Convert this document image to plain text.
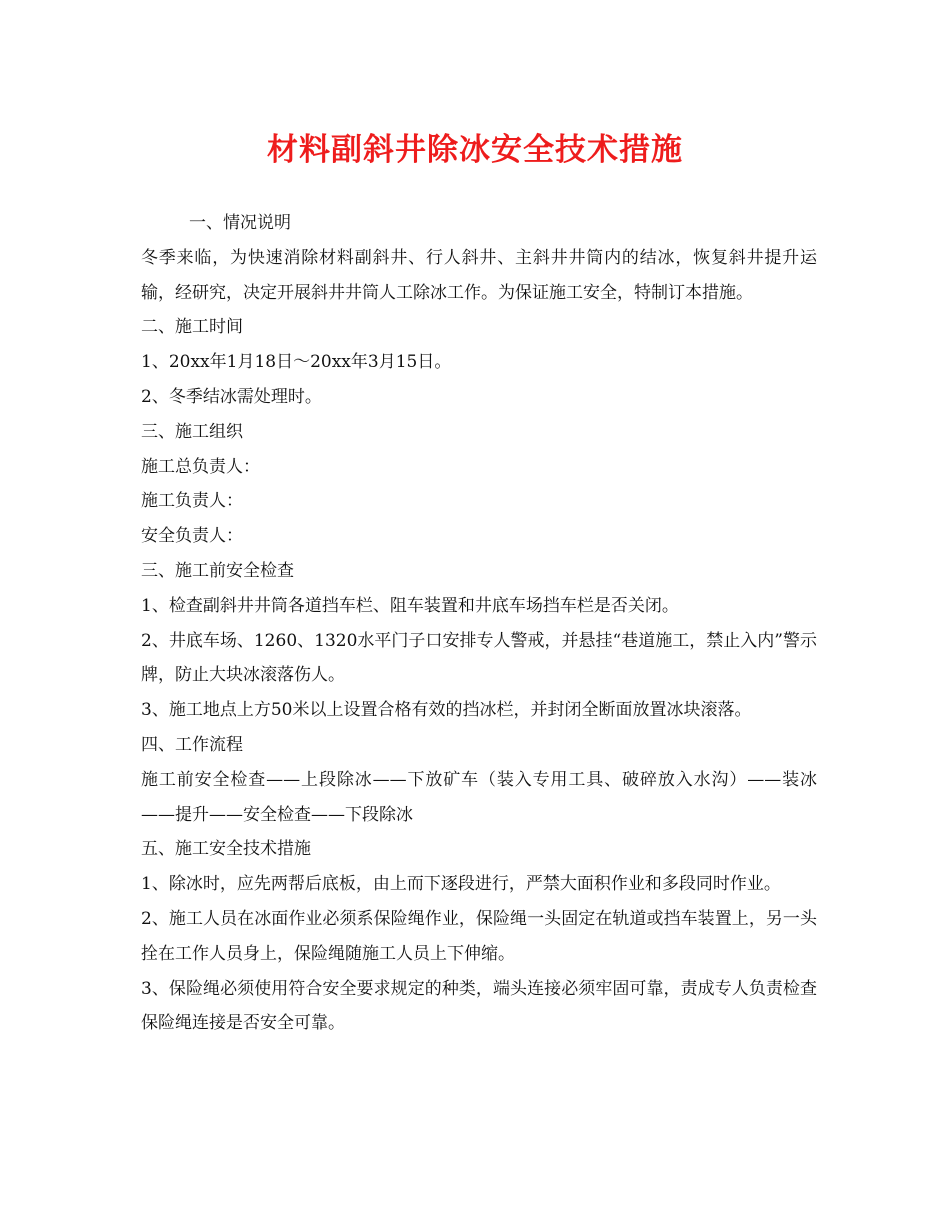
材料副斜井除冰安全技术措施

一、情况说明

冬季来临，为快速消除材料副斜井、行人斜井、主斜井井筒内的结冰，恢复斜井提升运输，经研究，决定开展斜井井筒人工除冰工作。为保证施工安全，特制订本措施。

二、施工时间

1、20xx年1月18日～20xx年3月15日。

2、冬季结冰需处理时。

三、施工组织

施工总负责人：

施工负责人：

安全负责人：

三、施工前安全检查

1、检查副斜井井筒各道挡车栏、阻车装置和井底车场挡车栏是否关闭。

2、井底车场、1260、1320水平门子口安排专人警戒，并悬挂“巷道施工，禁止入内”警示牌，防止大块冰滚落伤人。

3、施工地点上方50米以上设置合格有效的挡冰栏，并封闭全断面放置冰块滚落。

四、工作流程

施工前安全检查——上段除冰——下放矿车（装入专用工具、破碎放入水沟）——装冰——提升——安全检查——下段除冰

五、施工安全技术措施

1、除冰时，应先两帮后底板，由上而下逐段进行，严禁大面积作业和多段同时作业。

2、施工人员在冰面作业必须系保险绳作业，保险绳一头固定在轨道或挡车装置上，另一头拴在工作人员身上，保险绳随施工人员上下伸缩。

3、保险绳必须使用符合安全要求规定的种类，端头连接必须牢固可靠，责成专人负责检查保险绳连接是否安全可靠。
